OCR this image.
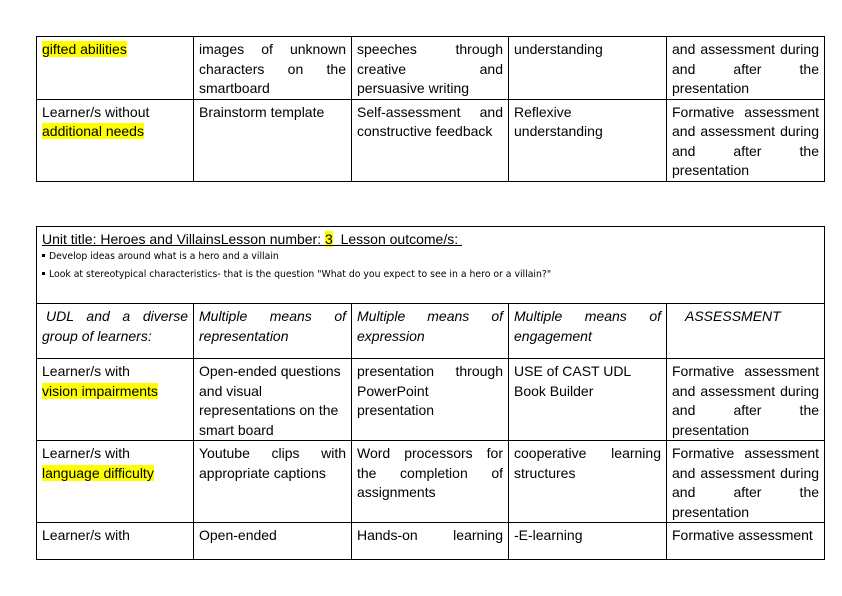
gifted abilities	images of unknown characters on the smartboard	speeches through creative and persuasive writing	understanding	and assessment during and after the presentation
Learner/s without
additional needs	Brainstorm template	Self-assessment and constructive feedback	Reflexive understanding	Formative assessment and assessment during and after the presentation
Unit title: Heroes and VillainsLesson number: 3  Lesson outcome/s:
Develop ideas around what is a hero and a villain
Look at stereotypical characteristics- that is the question "What do you expect to see in a hero or a villain?"				

UDL and a diverse group of learners:	Multiple means of representation	Multiple means of expression	Multiple means of engagement	ASSESSMENT
Learner/s with
vision impairments	Open-ended questions and visual representations on the smart board	presentation through PowerPoint presentation	USE of CAST UDL Book Builder	Formative assessment and assessment during and after the presentation
Learner/s with
language difficulty	Youtube clips with appropriate captions	Word processors for the completion of assignments	cooperative learning structures	Formative assessment and assessment during and after the presentation
Learner/s with	Open-ended	Hands-on learning	-E-learning	Formative assessment
